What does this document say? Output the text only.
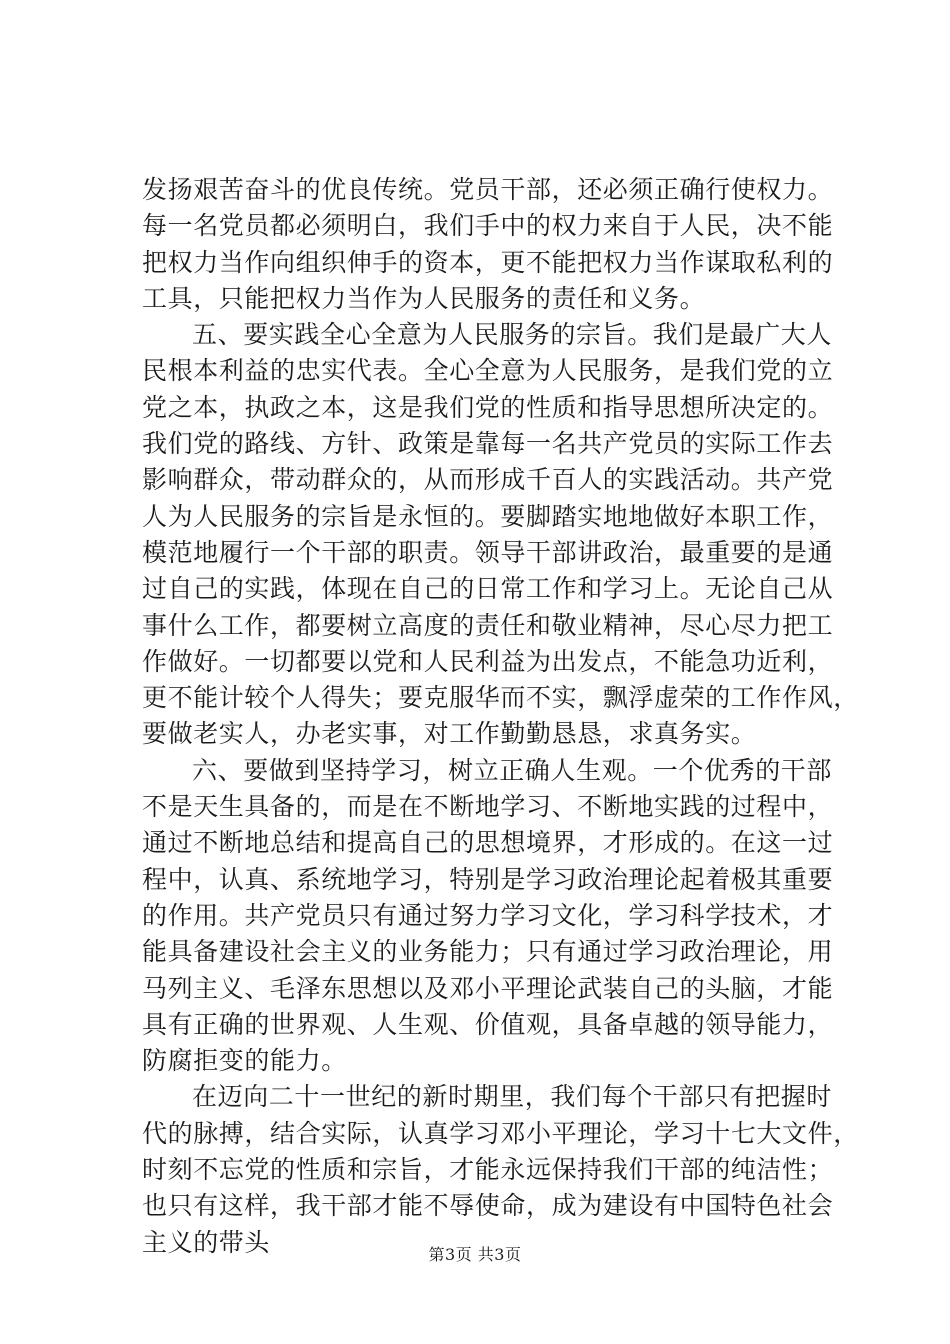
发扬艰苦奋斗的优良传统。党员干部，还必须正确行使权力。
每一名党员都必须明白，我们手中的权力来自于人民，决不能
把权力当作向组织伸手的资本，更不能把权力当作谋取私利的
工具，只能把权力当作为人民服务的责任和义务。
五、要实践全心全意为人民服务的宗旨。我们是最广大人
民根本利益的忠实代表。全心全意为人民服务，是我们党的立
党之本，执政之本，这是我们党的性质和指导思想所决定的。
我们党的路线、方针、政策是靠每一名共产党员的实际工作去
影响群众，带动群众的，从而形成千百人的实践活动。共产党
人为人民服务的宗旨是永恒的。要脚踏实地地做好本职工作，
模范地履行一个干部的职责。领导干部讲政治，最重要的是通
过自己的实践，体现在自己的日常工作和学习上。无论自己从
事什么工作，都要树立高度的责任和敬业精神，尽心尽力把工
作做好。一切都要以党和人民利益为出发点，不能急功近利，
更不能计较个人得失；要克服华而不实，飘浮虚荣的工作作风，
要做老实人，办老实事，对工作勤勤恳恳，求真务实。
六、要做到坚持学习，树立正确人生观。一个优秀的干部
不是天生具备的，而是在不断地学习、不断地实践的过程中，
通过不断地总结和提高自己的思想境界，才形成的。在这一过
程中，认真、系统地学习，特别是学习政治理论起着极其重要
的作用。共产党员只有通过努力学习文化，学习科学技术，才
能具备建设社会主义的业务能力；只有通过学习政治理论，用
马列主义、毛泽东思想以及邓小平理论武装自己的头脑，才能
具有正确的世界观、人生观、价值观，具备卓越的领导能力，
防腐拒变的能力。
在迈向二十一世纪的新时期里，我们每个干部只有把握时
代的脉搏，结合实际，认真学习邓小平理论，学习十七大文件，
时刻不忘党的性质和宗旨，才能永远保持我们干部的纯洁性；
也只有这样，我干部才能不辱使命，成为建设有中国特色社会
主义的带头	第3页 共3页
